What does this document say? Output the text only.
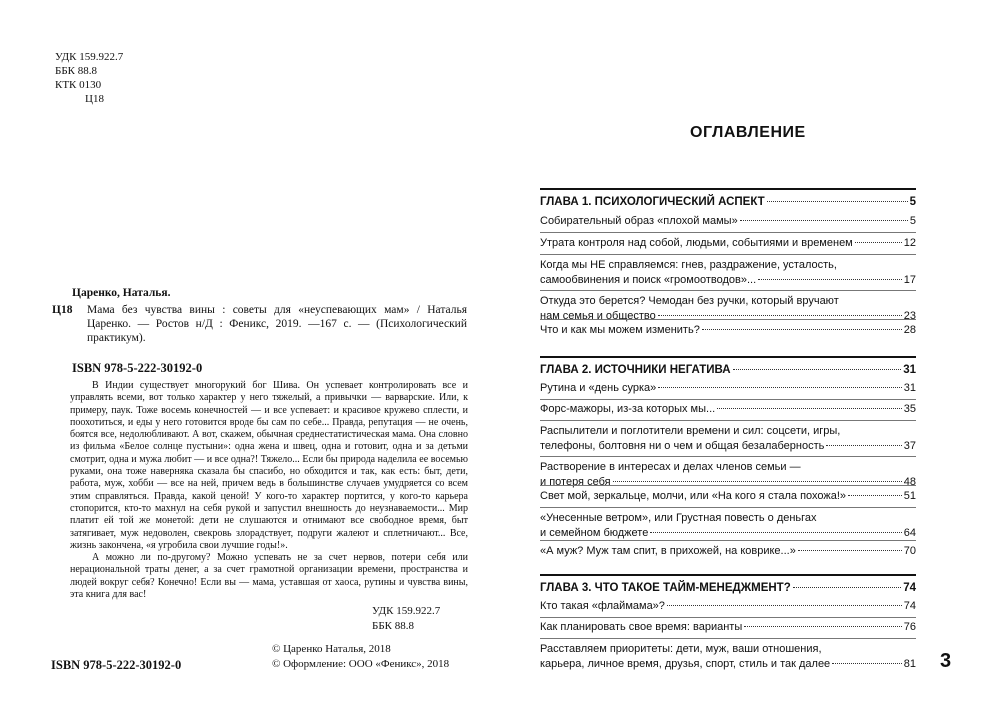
УДК 159.922.7
ББК 88.8
КТК 0130
Ц18
Царенко, Наталья.
Ц18 Мама без чувства вины : советы для «неуспевающих мам» / Наталья Царенко. — Ростов н/Д : Феникс, 2019. —167 с. — (Психологический практикум).
ISBN 978-5-222-30192-0

В Индии существует многорукий бог Шива. Он успевает контролировать все и управлять всеми, вот только характер у него тяжелый, а привычки — варварские. Или, к примеру, паук. Тоже восемь конечностей — и все успевает: и красивое кружево сплести, и поохотиться, и еды у него готовится вроде бы сам по себе... Правда, репутация — не очень, боятся все, недолюбливают. А вот, скажем, обычная среднестатистическая мама. Она словно из фильма «Белое солнце пустыни»: одна жена и швец, одна и готовит, одна и за детьми смотрит, одна и мужа любит — и все одна?! Тяжело... Если бы природа наделила ее восемью руками, она тоже наверняка сказала бы спасибо, но обходится и так, как есть: быт, дети, работа, муж, хобби — все на ней, причем ведь в большинстве случаев умудряется со всем этим справляться. Правда, какой ценой! У кого-то характер портится, у кого-то карьера стопорится, кто-то махнул на себя рукой и запустил внешность до неузнаваемости... Мир платит ей той же монетой: дети не слушаются и отнимают все свободное время, быт затягивает, муж недоволен, свекровь злорадствует, подруги жалеют и сплетничают... Все, жизнь закончена, «я угробила свои лучшие годы!».

А можно ли по-другому? Можно успевать не за счет нервов, потери себя или нерациональной траты денег, а за счет грамотной организации времени, пространства и людей вокруг себя? Конечно! Если вы — мама, уставшая от хаоса, рутины и чувства вины, эта книга для вас!

УДК 159.922.7
ББК 88.8
© Царенко Наталья, 2018
© Оформление: ООО «Феникс», 2018
ISBN 978-5-222-30192-0
ОГЛАВЛЕНИЕ
ГЛАВА 1. ПСИХОЛОГИЧЕСКИЙ АСПЕКТ	5
Собирательный образ «плохой мамы»	5
Утрата контроля над собой, людьми, событиями и временем	12
Когда мы НЕ справляемся: гнев, раздражение, усталость,
самообвинения и поиск «громоотводов»...	17
Откуда это берется? Чемодан без ручки, который вручают
нам семья и общество	23
Что и как мы можем изменить?	28
ГЛАВА 2. ИСТОЧНИКИ НЕГАТИВА	31
Рутина и «день сурка»	31
Форс-мажоры, из-за которых мы...	35
Распылители и поглотители времени и сил: соцсети, игры,
телефоны, болтовня ни о чем и общая безалаберность	37
Растворение в интересах и делах членов семьи —
и потеря себя	48
Свет мой, зеркальце, молчи, или «На кого я стала похожа!»	51
«Унесенные ветром», или Грустная повесть о деньгах
и семейном бюджете	64
«А муж? Муж там спит, в прихожей, на коврике...»	70
ГЛАВА 3. ЧТО ТАКОЕ ТАЙМ-МЕНЕДЖМЕНТ?	74
Кто такая «флаймама»?	74
Как планировать свое время: варианты	76
Расставляем приоритеты: дети, муж, ваши отношения,
карьера, личное время, друзья, спорт, стиль и так далее	81 3
